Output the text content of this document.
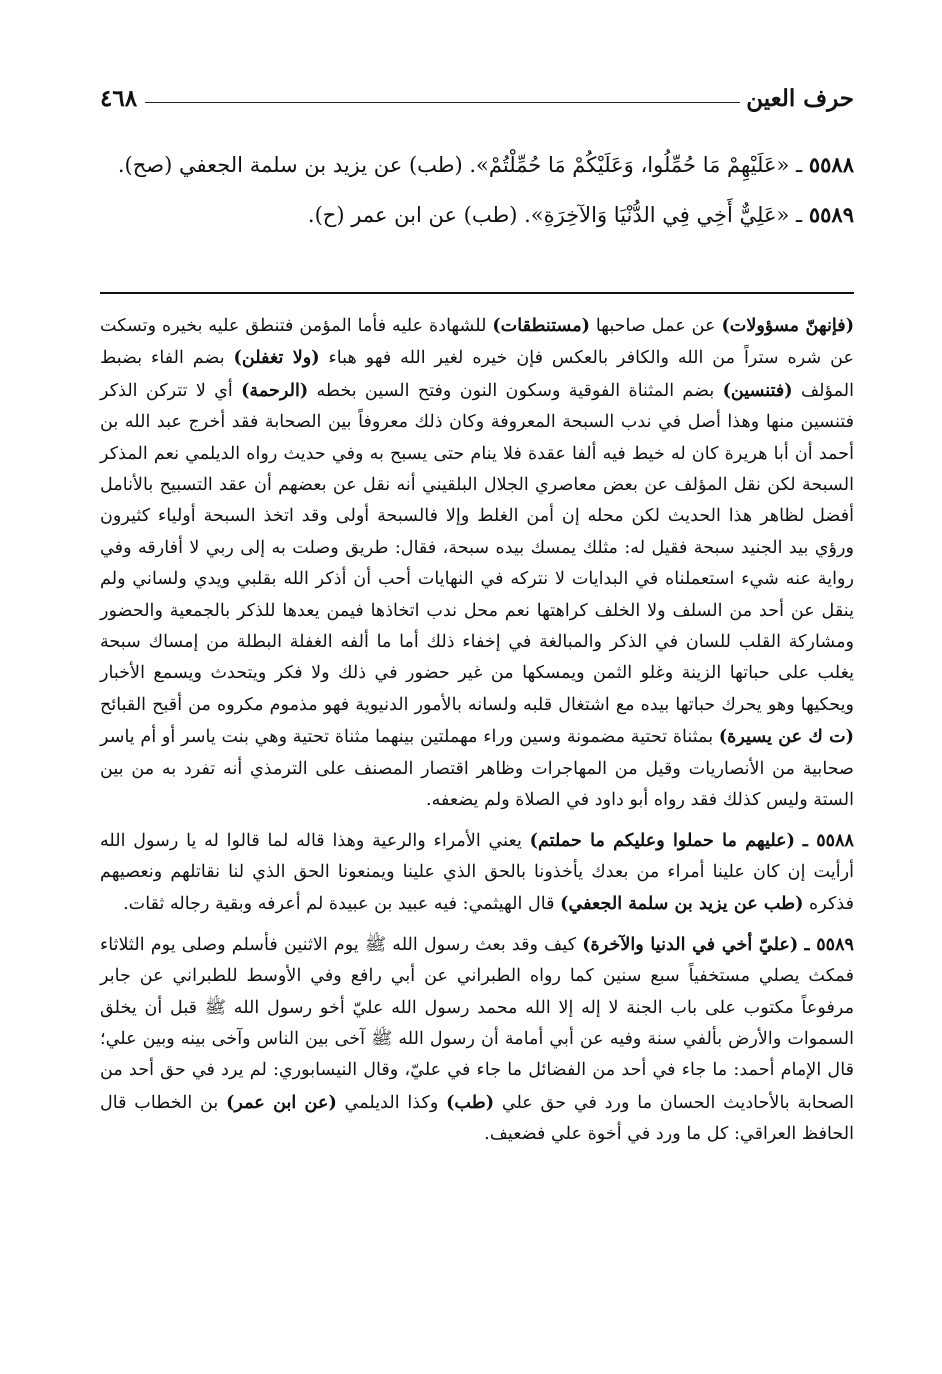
حرف العين
٤٦٨

٥٥٨٨ ـ «عَلَيْهِمْ مَا حُمِّلُوا، وَعَلَيْكُمْ مَا حُمِّلْتُمْ». (طب) عن يزيد بن سلمة الجعفي (صح).

٥٥٨٩ ـ «عَلِيٌّ أَخِي فِي الدُّنْيَا وَالآخِرَةِ». (طب) عن ابن عمر (ح).

(فإنهنّ مسؤولات) عن عمل صاحبها (مستنطقات) للشهادة عليه فأما المؤمن فتنطق عليه بخيره وتسكت عن شره ستراً من الله والكافر بالعكس فإن خيره لغير الله فهو هباء (ولا تغفلن) بضم الفاء بضبط المؤلف (فتنسين) بضم المثناة الفوقية وسكون النون وفتح السين بخطه (الرحمة) أي لا تتركن الذكر فتنسين منها وهذا أصل في ندب السبحة المعروفة وكان ذلك معروفاً بين الصحابة فقد أخرج عبد الله بن أحمد أن أبا هريرة كان له خيط فيه ألفا عقدة فلا ينام حتى يسبح به وفي حديث رواه الديلمي نعم المذكر السبحة لكن نقل المؤلف عن بعض معاصري الجلال البلقيني أنه نقل عن بعضهم أن عقد التسبيح بالأنامل أفضل لظاهر هذا الحديث لكن محله إن أمن الغلط وإلا فالسبحة أولى وقد اتخذ السبحة أولياء كثيرون ورؤي بيد الجنيد سبحة فقيل له: مثلك يمسك بيده سبحة، فقال: طريق وصلت به إلى ربي لا أفارقه وفي رواية عنه شيء استعملناه في البدايات لا نتركه في النهايات أحب أن أذكر الله بقلبي ويدي ولساني ولم ينقل عن أحد من السلف ولا الخلف كراهتها نعم محل ندب اتخاذها فيمن يعدها للذكر بالجمعية والحضور ومشاركة القلب للسان في الذكر والمبالغة في إخفاء ذلك أما ما ألفه الغفلة البطلة من إمساك سبحة يغلب على حباتها الزينة وغلو الثمن ويمسكها من غير حضور في ذلك ولا فكر ويتحدث ويسمع الأخبار ويحكيها وهو يحرك حباتها بيده مع اشتغال قلبه ولسانه بالأمور الدنيوية فهو مذموم مكروه من أقبح القبائح (ت ك عن يسيرة) بمثناة تحتية مضمونة وسين وراء مهملتين بينهما مثناة تحتية وهي بنت ياسر أو أم ياسر صحابية من الأنصاريات وقيل من المهاجرات وظاهر اقتصار المصنف على الترمذي أنه تفرد به من بين الستة وليس كذلك فقد رواه أبو داود في الصلاة ولم يضعفه.

٥٥٨٨ ـ (عليهم ما حملوا وعليكم ما حملتم) يعني الأمراء والرعية وهذا قاله لما قالوا له يا رسول الله أرأيت إن كان علينا أمراء من بعدك يأخذونا بالحق الذي علينا ويمنعونا الحق الذي لنا نقاتلهم ونعصيهم فذكره (طب عن يزيد بن سلمة الجعفي) قال الهيثمي: فيه عبيد بن عبيدة لم أعرفه وبقية رجاله ثقات.

٥٥٨٩ ـ (عليّ أخي في الدنيا والآخرة) كيف وقد بعث رسول الله ﷺ يوم الاثنين فأسلم وصلى يوم الثلاثاء فمكث يصلي مستخفياً سبع سنين كما رواه الطبراني عن أبي رافع وفي الأوسط للطبراني عن جابر مرفوعاً مكتوب على باب الجنة لا إله إلا الله محمد رسول الله عليّ أخو رسول الله ﷺ قبل أن يخلق السموات والأرض بألفي سنة وفيه عن أبي أمامة أن رسول الله ﷺ آخى بين الناس وآخى بينه وبين علي؛ قال الإمام أحمد: ما جاء في أحد من الفضائل ما جاء في عليّ، وقال النيسابوري: لم يرد في حق أحد من الصحابة بالأحاديث الحسان ما ورد في حق علي (طب) وكذا الديلمي (عن ابن عمر) بن الخطاب قال الحافظ العراقي: كل ما ورد في أخوة علي فضعيف.
